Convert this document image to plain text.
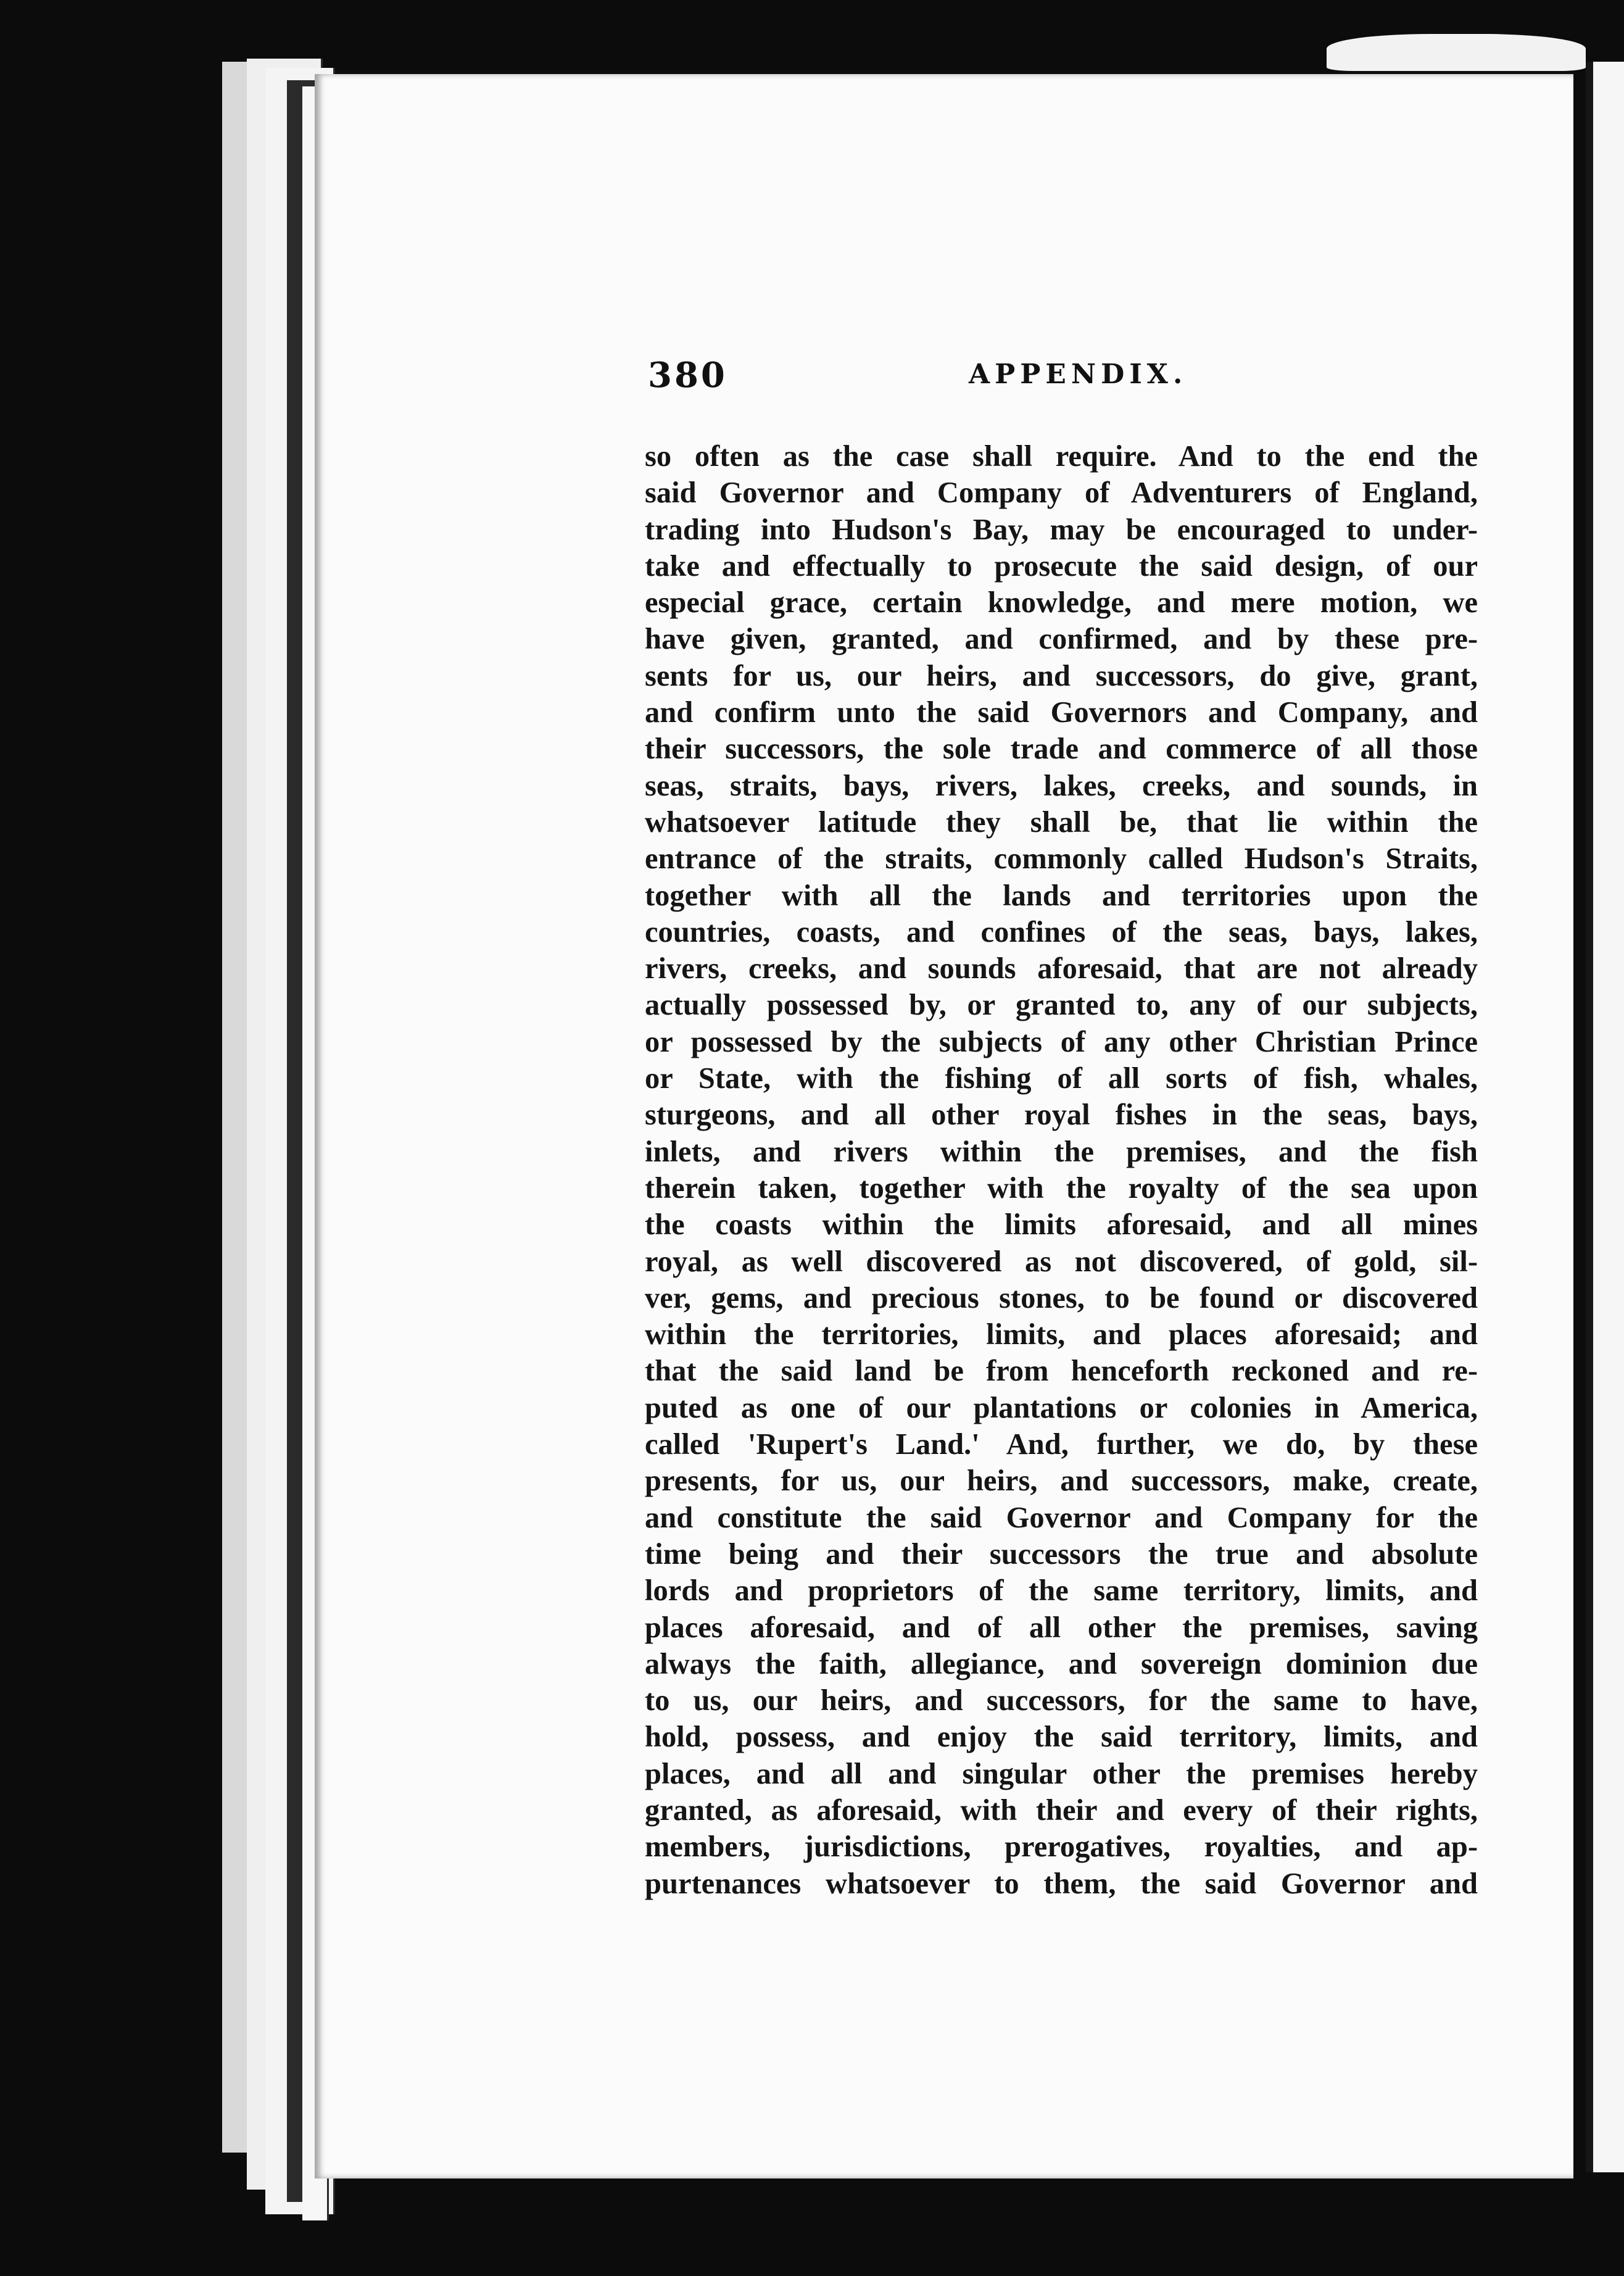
380	APPENDIX.
so often as the case shall require. And to the end the
said Governor and Company of Adventurers of England,
trading into Hudson's Bay, may be encouraged to under-
take and effectually to prosecute the said design, of our
especial grace, certain knowledge, and mere motion, we
have given, granted, and confirmed, and by these pre-
sents for us, our heirs, and successors, do give, grant,
and confirm unto the said Governors and Company, and
their successors, the sole trade and commerce of all those
seas, straits, bays, rivers, lakes, creeks, and sounds, in
whatsoever latitude they shall be, that lie within the
entrance of the straits, commonly called Hudson's Straits,
together with all the lands and territories upon the
countries, coasts, and confines of the seas, bays, lakes,
rivers, creeks, and sounds aforesaid, that are not already
actually possessed by, or granted to, any of our subjects,
or possessed by the subjects of any other Christian Prince
or State, with the fishing of all sorts of fish, whales,
sturgeons, and all other royal fishes in the seas, bays,
inlets, and rivers within the premises, and the fish
therein taken, together with the royalty of the sea upon
the coasts within the limits aforesaid, and all mines
royal, as well discovered as not discovered, of gold, sil-
ver, gems, and precious stones, to be found or discovered
within the territories, limits, and places aforesaid; and
that the said land be from henceforth reckoned and re-
puted as one of our plantations or colonies in America,
called 'Rupert's Land.' And, further, we do, by these
presents, for us, our heirs, and successors, make, create,
and constitute the said Governor and Company for the
time being and their successors the true and absolute
lords and proprietors of the same territory, limits, and
places aforesaid, and of all other the premises, saving
always the faith, allegiance, and sovereign dominion due
to us, our heirs, and successors, for the same to have,
hold, possess, and enjoy the said territory, limits, and
places, and all and singular other the premises hereby
granted, as aforesaid, with their and every of their rights,
members, jurisdictions, prerogatives, royalties, and ap-
purtenances whatsoever to them, the said Governor and
